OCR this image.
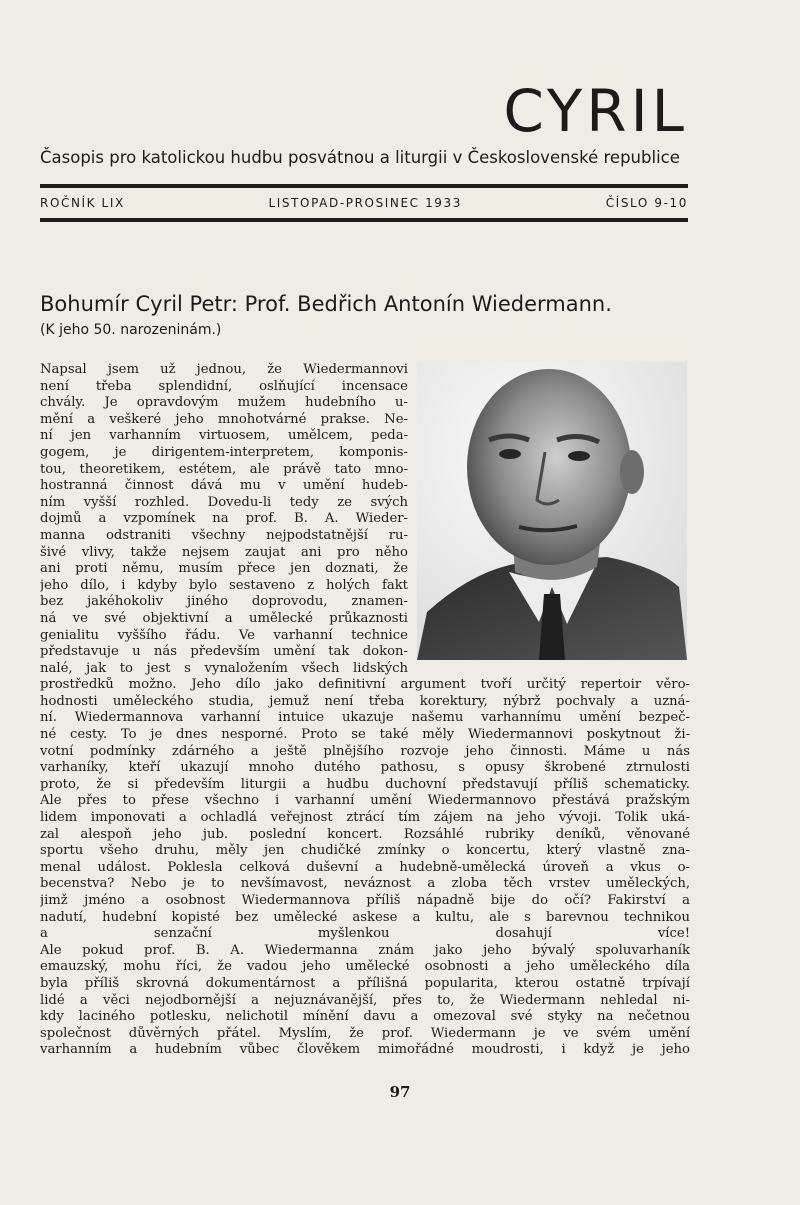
CYRIL
Časopis pro katolickou hudbu posvátnou a liturgii v Československé republice
ROČNÍK LIX	LISTOPAD-PROSINEC 1933	ČÍSLO 9-10
Bohumír Cyril Petr: Prof. Bedřich Antonín Wiedermann.
(K jeho 50. narozeninám.)
Napsal jsem už jednou, že Wiedermannovi
není třeba splendidní, oslňující incensace
chvály. Je opravdovým mužem hudebního u-
mění a veškeré jeho mnohotvárné prakse. Ne-
ní jen varhanním virtuosem, umělcem, peda-
gogem, je dirigentem-interpretem, komponis-
tou, theoretikem, estétem, ale právě tato mno-
hostranná činnost dává mu v umění hudeb-
ním vyšší rozhled. Dovedu-li tedy ze svých
dojmů a vzpomínek na prof. B. A. Wieder-
manna odstraniti všechny nejpodstatnější ru-
šivé vlivy, takže nejsem zaujat ani pro něho
ani proti němu, musím přece jen doznati, že
jeho dílo, i kdyby bylo sestaveno z holých fakt
bez jakéhokoliv jiného doprovodu, znamen-
ná ve své objektivní a umělecké průkaznosti
genialitu vyššího řádu. Ve varhanní technice
představuje u nás především umění tak dokon-
nalé, jak to jest s vynaložením všech lidských
prostředků možno. Jeho dílo jako definitivní argument tvoří určitý repertoir věro-
hodnosti uměleckého studia, jemuž není třeba korektury, nýbrž pochvaly a uzná-
ní. Wiedermannova varhanní intuice ukazuje našemu varhannímu umění bezpeč-
né cesty. To je dnes nesporné. Proto se také měly Wiedermannovi poskytnout ži-
votní podmínky zdárného a ještě plnějšího rozvoje jeho činnosti. Máme u nás
varhaníky, kteří ukazují mnoho dutého pathosu, s opusy škrobené ztrnulosti
proto, že si především liturgii a hudbu duchovní představují příliš schematicky.
Ale přes to přese všechno i varhanní umění Wiedermannovo přestává pražským
lidem imponovati a ochladlá veřejnost ztrácí tím zájem na jeho vývoji. Tolik uká-
zal alespoň jeho jub. poslední koncert. Rozsáhlé rubriky deníků, věnované
sportu všeho druhu, měly jen chudičké zmínky o koncertu, který vlastně zna-
menal událost. Poklesla celková duševní a hudebně-umělecká úroveň a vkus o-
becenstva? Nebo je to nevšímavost, neváznost a zloba těch vrstev uměleckých,
jimž jméno a osobnost Wiedermannova příliš nápadně bije do očí? Fakirství a
nadutí, hudební kopisté bez umělecké askese a kultu, ale s barevnou technikou
a senzační myšlenkou dosahují více!
Ale pokud prof. B. A. Wiedermanna znám jako jeho bývalý spoluvarhaník
emauzský, mohu říci, že vadou jeho umělecké osobnosti a jeho uměleckého díla
byla příliš skrovná dokumentárnost a přílišná popularita, kterou ostatně trpívají
lidé a věci nejodbornější a nejuznávanější, přes to, že Wiedermann nehledal ni-
kdy laciného potlesku, nelichotil mínění davu a omezoval své styky na nečetnou
společnost důvěrných přátel. Myslím, že prof. Wiedermann je ve svém umění
varhanním a hudebním vůbec člověkem mimořádné moudrosti, i když je jeho
97
